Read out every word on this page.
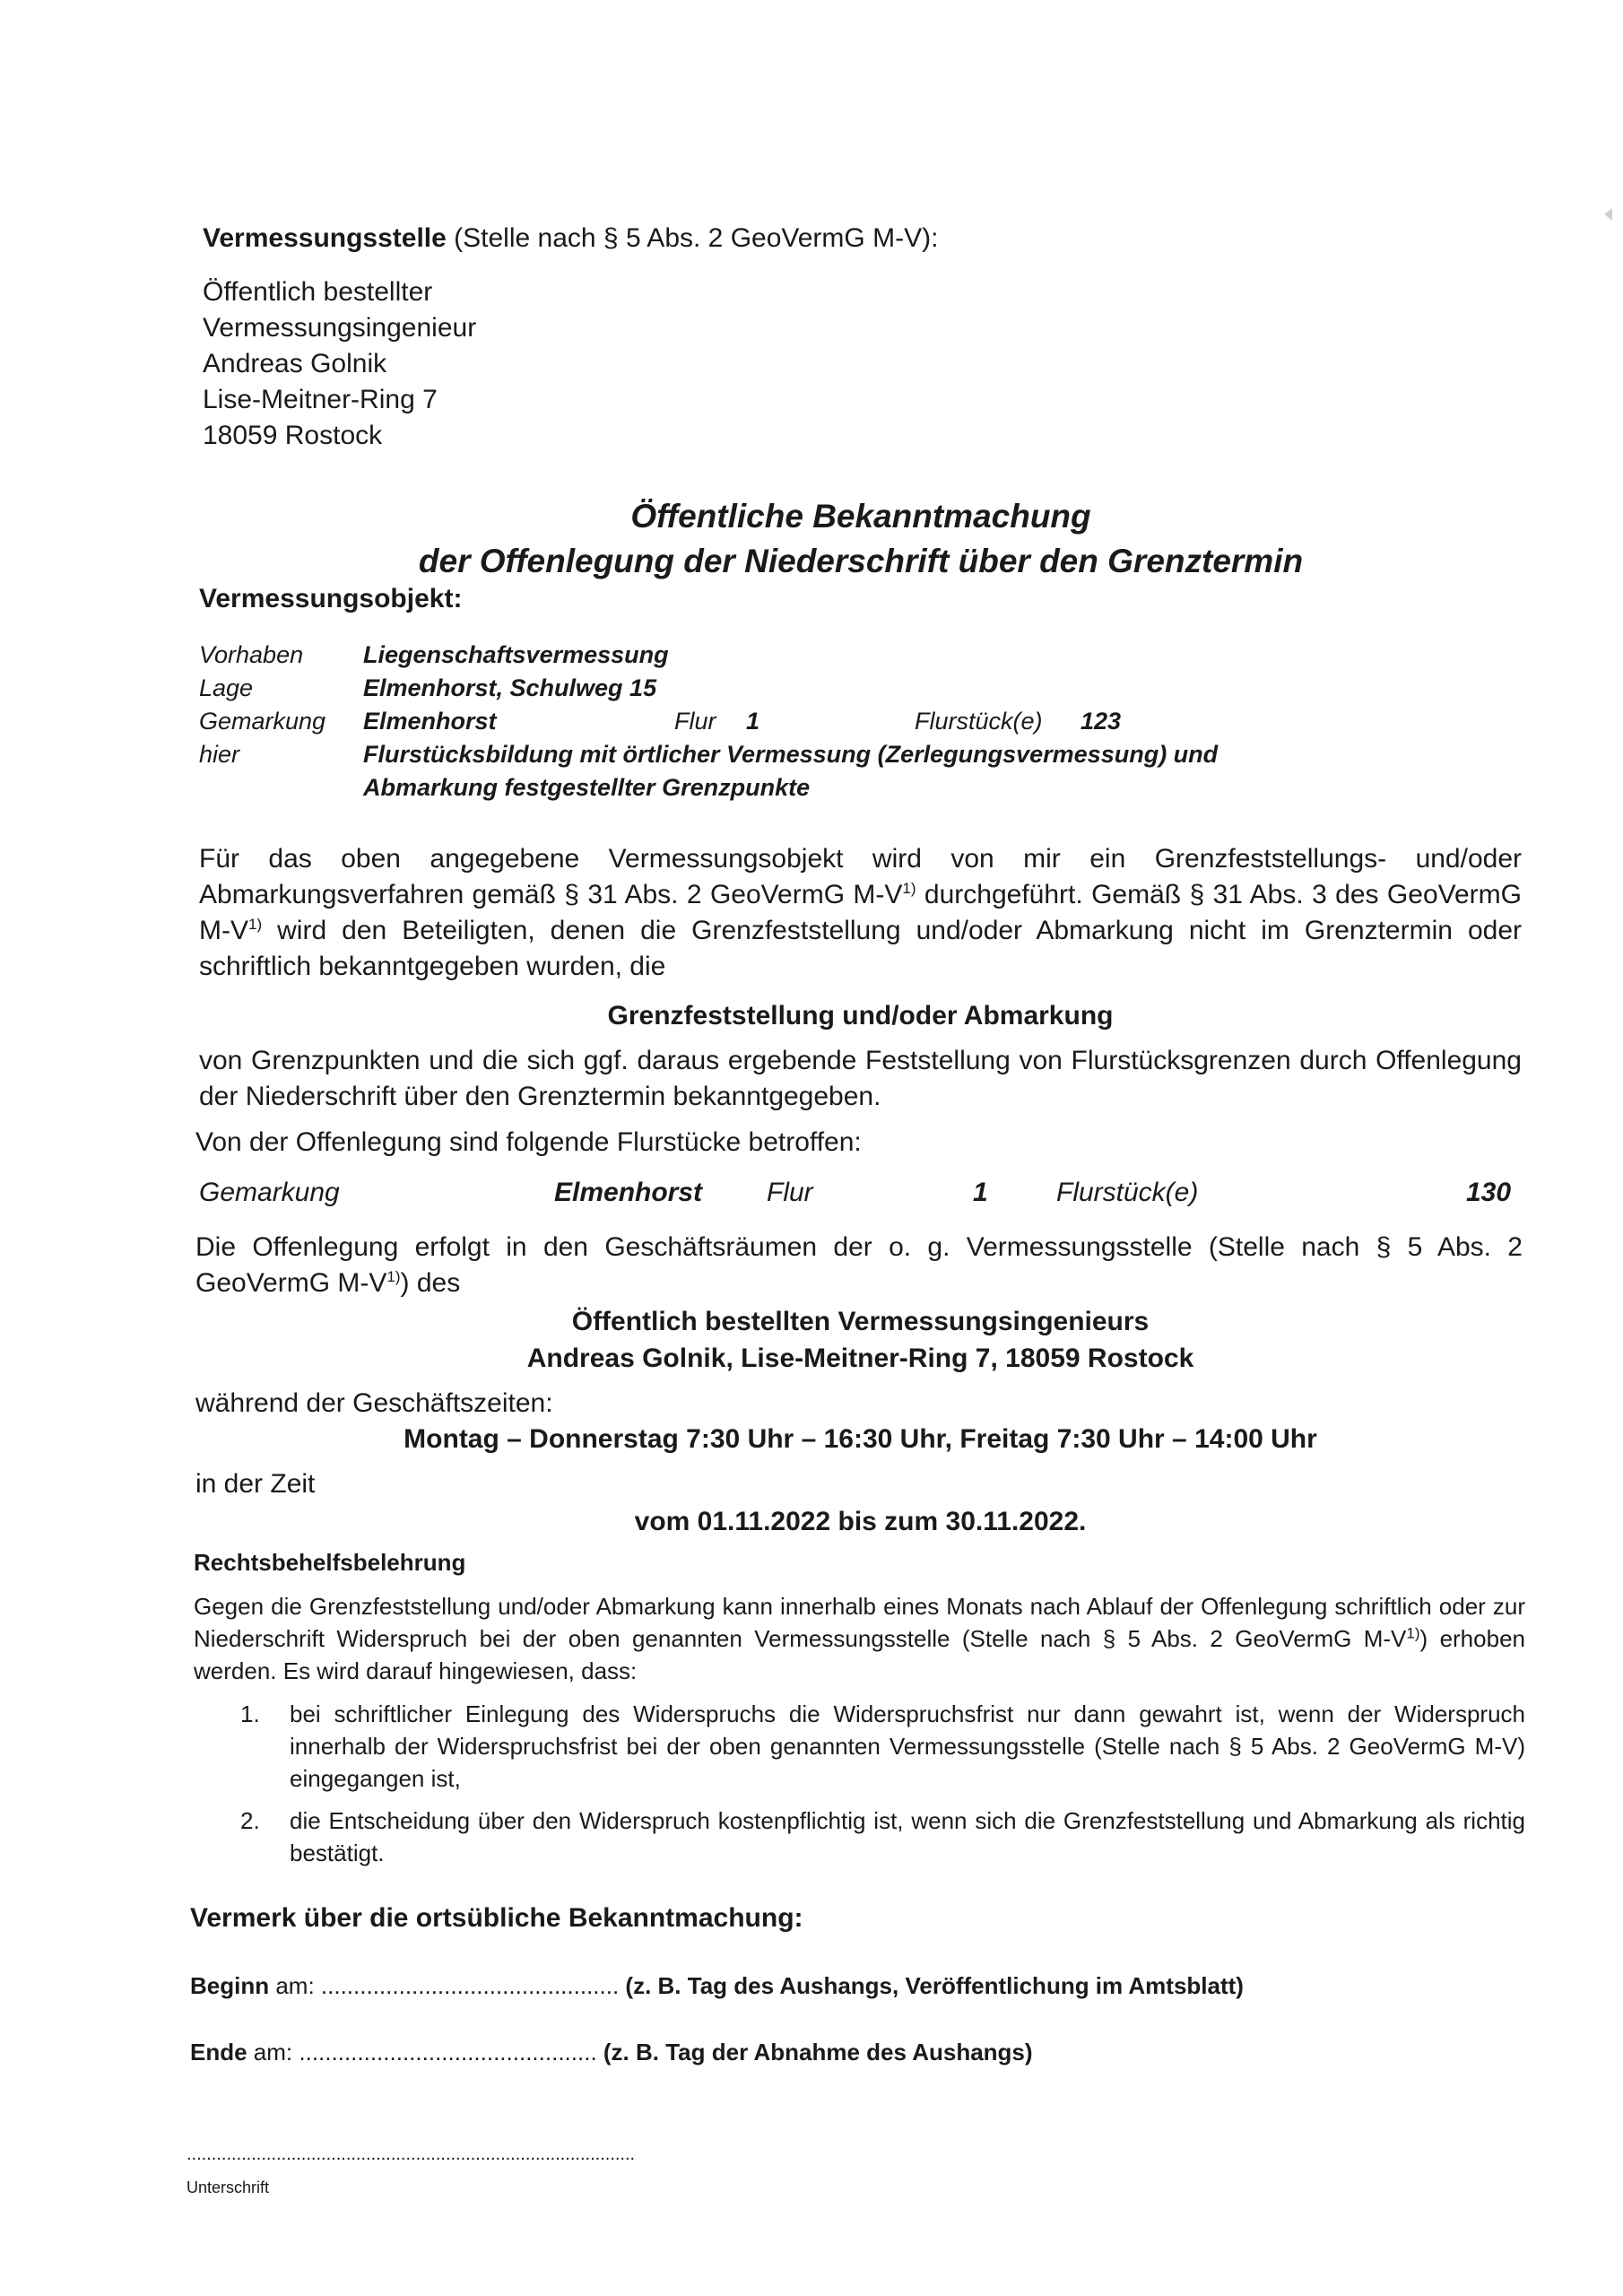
Vermessungsstelle (Stelle nach § 5 Abs. 2 GeoVermG M-V):
Öffentlich bestellter
Vermessungsingenieur
Andreas Golnik
Lise-Meitner-Ring 7
18059 Rostock
Öffentliche Bekanntmachung
der Offenlegung der Niederschrift über den Grenztermin
Vermessungsobjekt:
Vorhaben Liegenschaftsvermessung
Lage	Elmenhorst, Schulweg 15
Gemarkung Elmenhorst	Flur 1	Flurstück(e) 123
hier	Flurstücksbildung mit örtlicher Vermessung (Zerlegungsvermessung) und
Abmarkung festgestellter Grenzpunkte
Für das oben angegebene Vermessungsobjekt wird von mir ein Grenzfeststellungs- und/oder Abmarkungsverfahren gemäß § 31 Abs. 2 GeoVermG $M-V^{1)}$ durchgeführt. Gemäß § 31 Abs. 3 des GeoVermG $M-V^{1)}$ wird den Beteiligten, denen die Grenzfeststellung und/oder Abmarkung nicht im Grenztermin oder schriftlich bekanntgegeben wurden, die
Grenzfeststellung und/oder Abmarkung
von Grenzpunkten und die sich ggf. daraus ergebende Feststellung von Flurstücksgrenzen durch Offenlegung der Niederschrift über den Grenztermin bekanntgegeben.
Von der Offenlegung sind folgende Flurstücke betroffen:
Gemarkung	Elmenhorst Flur	1	Flurstück(e)	130
Die Offenlegung erfolgt in den Geschäftsräumen der o. g. Vermessungsstelle (Stelle nach § 5 Abs. 2 GeoVermG $M-V^{1)}$) des
Öffentlich bestellten Vermessungsingenieurs
Andreas Golnik, Lise-Meitner-Ring 7, 18059 Rostock
während der Geschäftszeiten:
Montag – Donnerstag 7:30 Uhr – 16:30 Uhr, Freitag 7:30 Uhr – 14:00 Uhr
in der Zeit
vom 01.11.2022 bis zum 30.11.2022.
Rechtsbehelfsbelehrung
Gegen die Grenzfeststellung und/oder Abmarkung kann innerhalb eines Monats nach Ablauf der Offenlegung schriftlich oder zur Niederschrift Widerspruch bei der oben genannten Vermessungsstelle (Stelle nach § 5 Abs. 2 GeoVermG $M-V^{1)}$) erhoben werden. Es wird darauf hingewiesen, dass:
1. bei schriftlicher Einlegung des Widerspruchs die Widerspruchsfrist nur dann gewahrt ist, wenn der Widerspruch innerhalb der Widerspruchsfrist bei der oben genannten Vermessungsstelle (Stelle nach § 5 Abs. 2 GeoVermG M-V) eingegangen ist,
2. die Entscheidung über den Widerspruch kostenpflichtig ist, wenn sich die Grenzfeststellung und Abmarkung als richtig bestätigt.
Vermerk über die ortsübliche Bekanntmachung:
Beginn am: .............................................. (z. B. Tag des Aushangs, Veröffentlichung im Amtsblatt)
Ende am: .............................................. (z. B. Tag der Abnahme des Aushangs)
..........................................................................................
Unterschrift
